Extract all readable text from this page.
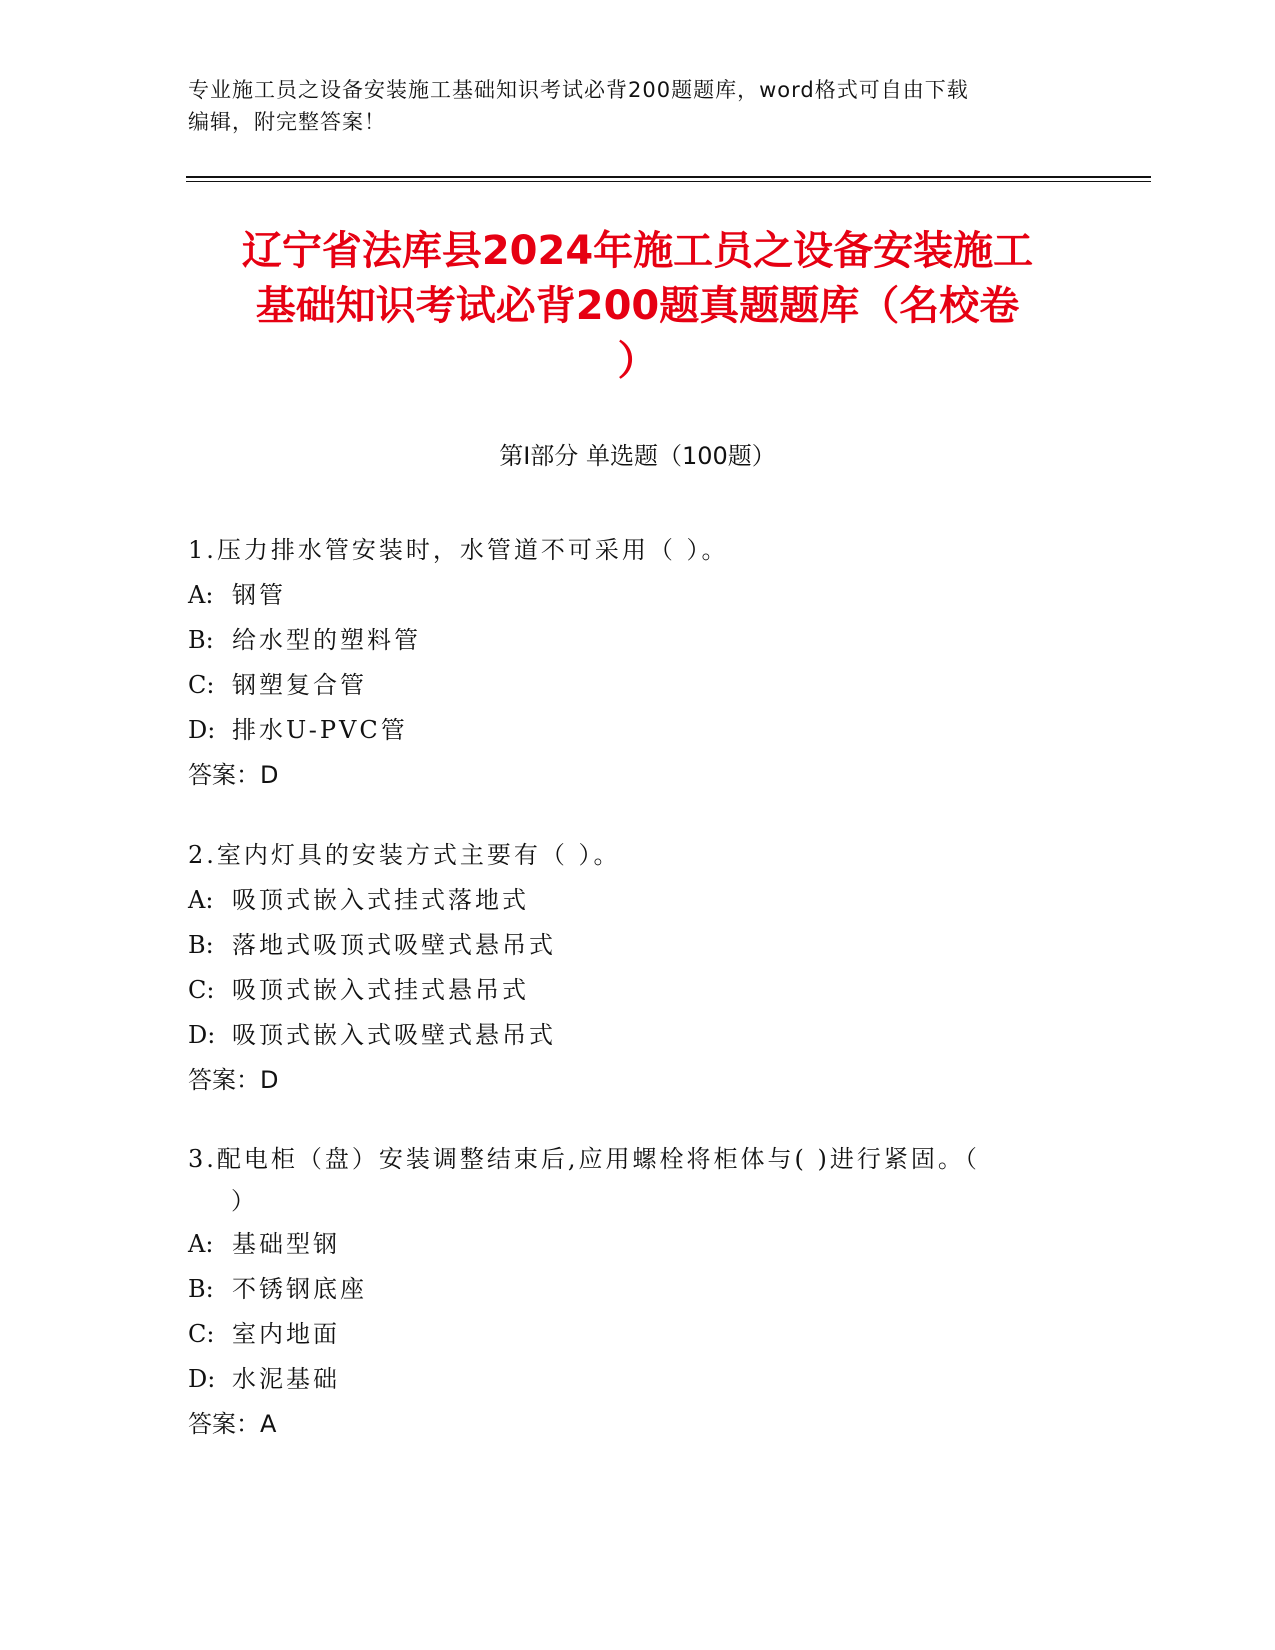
专业施工员之设备安装施工基础知识考试必背200题题库，word格式可自由下载
编辑，附完整答案！
辽宁省法库县2024年施工员之设备安装施工
基础知识考试必背200题真题题库（名校卷
）
第I部分 单选题（100题）

1.压力排水管安装时，水管道不可采用（ ）。

A: 钢管

B: 给水型的塑料管

C: 钢塑复合管

D: 排水U-PVC管

答案：D

2.室内灯具的安装方式主要有（ ）。

A: 吸顶式嵌入式挂式落地式

B: 落地式吸顶式吸壁式悬吊式

C: 吸顶式嵌入式挂式悬吊式

D: 吸顶式嵌入式吸壁式悬吊式

答案：D

3.配电柜（盘）安装调整结束后,应用螺栓将柜体与( )进行紧固。（
）

A: 基础型钢

B: 不锈钢底座

C: 室内地面

D: 水泥基础

答案：A
